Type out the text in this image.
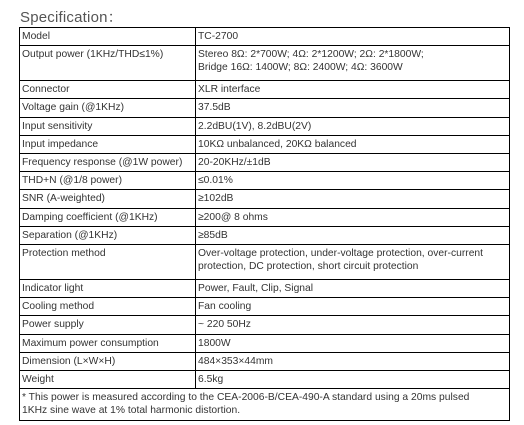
Specification：
Model	TC-2700

Output power (1KHz/THD≤1%)	Stereo 8Ω: 2*700W; 4Ω: 2*1200W; 2Ω: 2*1800W;
Bridge 16Ω: 1400W; 8Ω: 2400W; 4Ω: 3600W

Connector	XLR interface

Voltage gain (@1KHz)	37.5dB

Input sensitivity	2.2dBU(1V), 8.2dBU(2V)

Input impedance	10KΩ unbalanced, 20KΩ balanced

Frequency response (@1W power)	20-20KHz/±1dB

THD+N (@1/8 power)	≤0.01%

SNR (A-weighted)	≥102dB

Damping coefficient (@1KHz)	≥200@ 8 ohms

Separation (@1KHz)	≥85dB

Protection method	Over-voltage protection, under-voltage protection, over-current
protection, DC protection, short circuit protection

Indicator light	Power, Fault, Clip, Signal

Cooling method	Fan cooling

Power supply	~ 220 50Hz

Maximum power consumption	1800W

Dimension (L×W×H)	484×353×44mm

Weight	6.5kg

* This power is measured according to the CEA-2006-B/CEA-490-A standard using a 20ms pulsed
1KHz sine wave at 1% total harmonic distortion.	
